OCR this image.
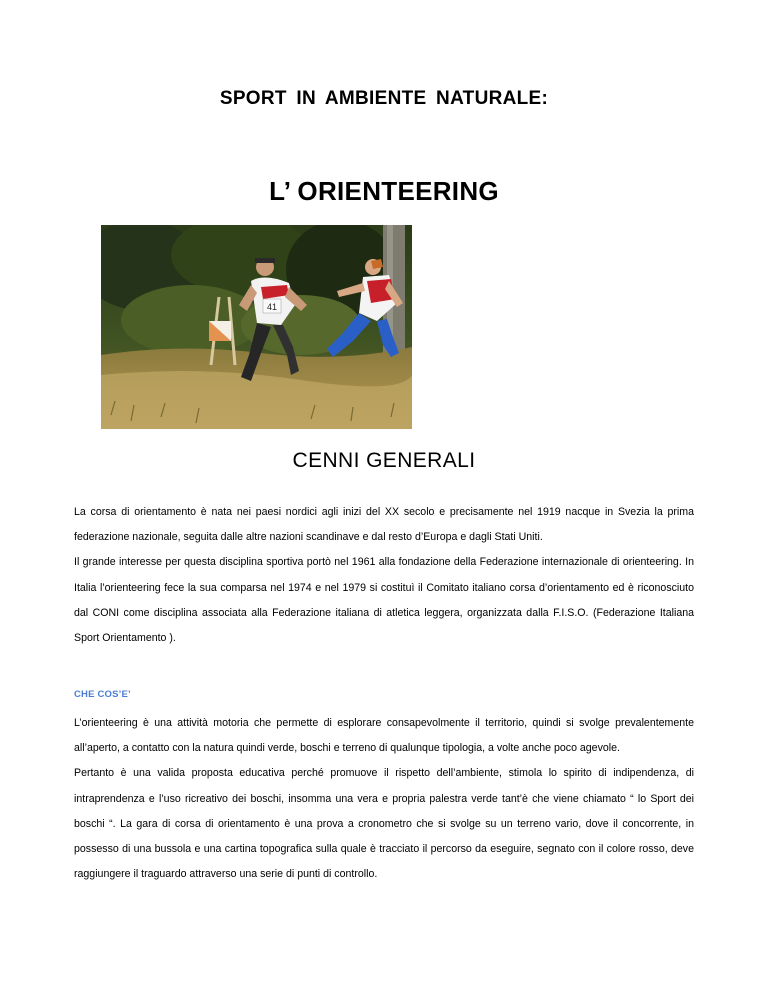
SPORT IN AMBIENTE NATURALE:
L’ ORIENTEERING
41
CENNI GENERALI

La corsa di orientamento è nata nei paesi nordici agli inizi del XX secolo e precisamente nel 1919 nacque in Svezia la prima federazione nazionale, seguita dalle altre nazioni scandinave e dal resto d’Europa e dagli Stati Uniti.

Il grande interesse per questa disciplina sportiva portò nel 1961 alla fondazione della Federazione internazionale di orienteering. In Italia l’orienteering fece la sua comparsa nel 1974 e nel 1979 si costituì il Comitato italiano corsa d’orientamento ed è riconosciuto dal CONI come disciplina associata alla Federazione italiana di atletica leggera, organizzata dalla F.I.S.O. (Federazione Italiana Sport Orientamento ).

CHE COS’E’

L’orienteering è una attività motoria che permette di esplorare consapevolmente il territorio, quindi si svolge prevalentemente all’aperto, a contatto con la natura quindi verde, boschi e terreno di qualunque tipologia, a volte anche poco agevole.

Pertanto è una valida proposta educativa perché promuove il rispetto dell’ambiente, stimola lo spirito di indipendenza, di intraprendenza e l’uso ricreativo dei boschi, insomma una vera e propria palestra verde tant’è che viene chiamato “ lo Sport dei boschi “. La gara di corsa di orientamento è una prova a cronometro che si svolge su un terreno vario, dove il concorrente, in possesso di una bussola e una cartina topografica sulla quale è tracciato il percorso da eseguire, segnato con il colore rosso, deve raggiungere il traguardo attraverso una serie di punti di controllo.
